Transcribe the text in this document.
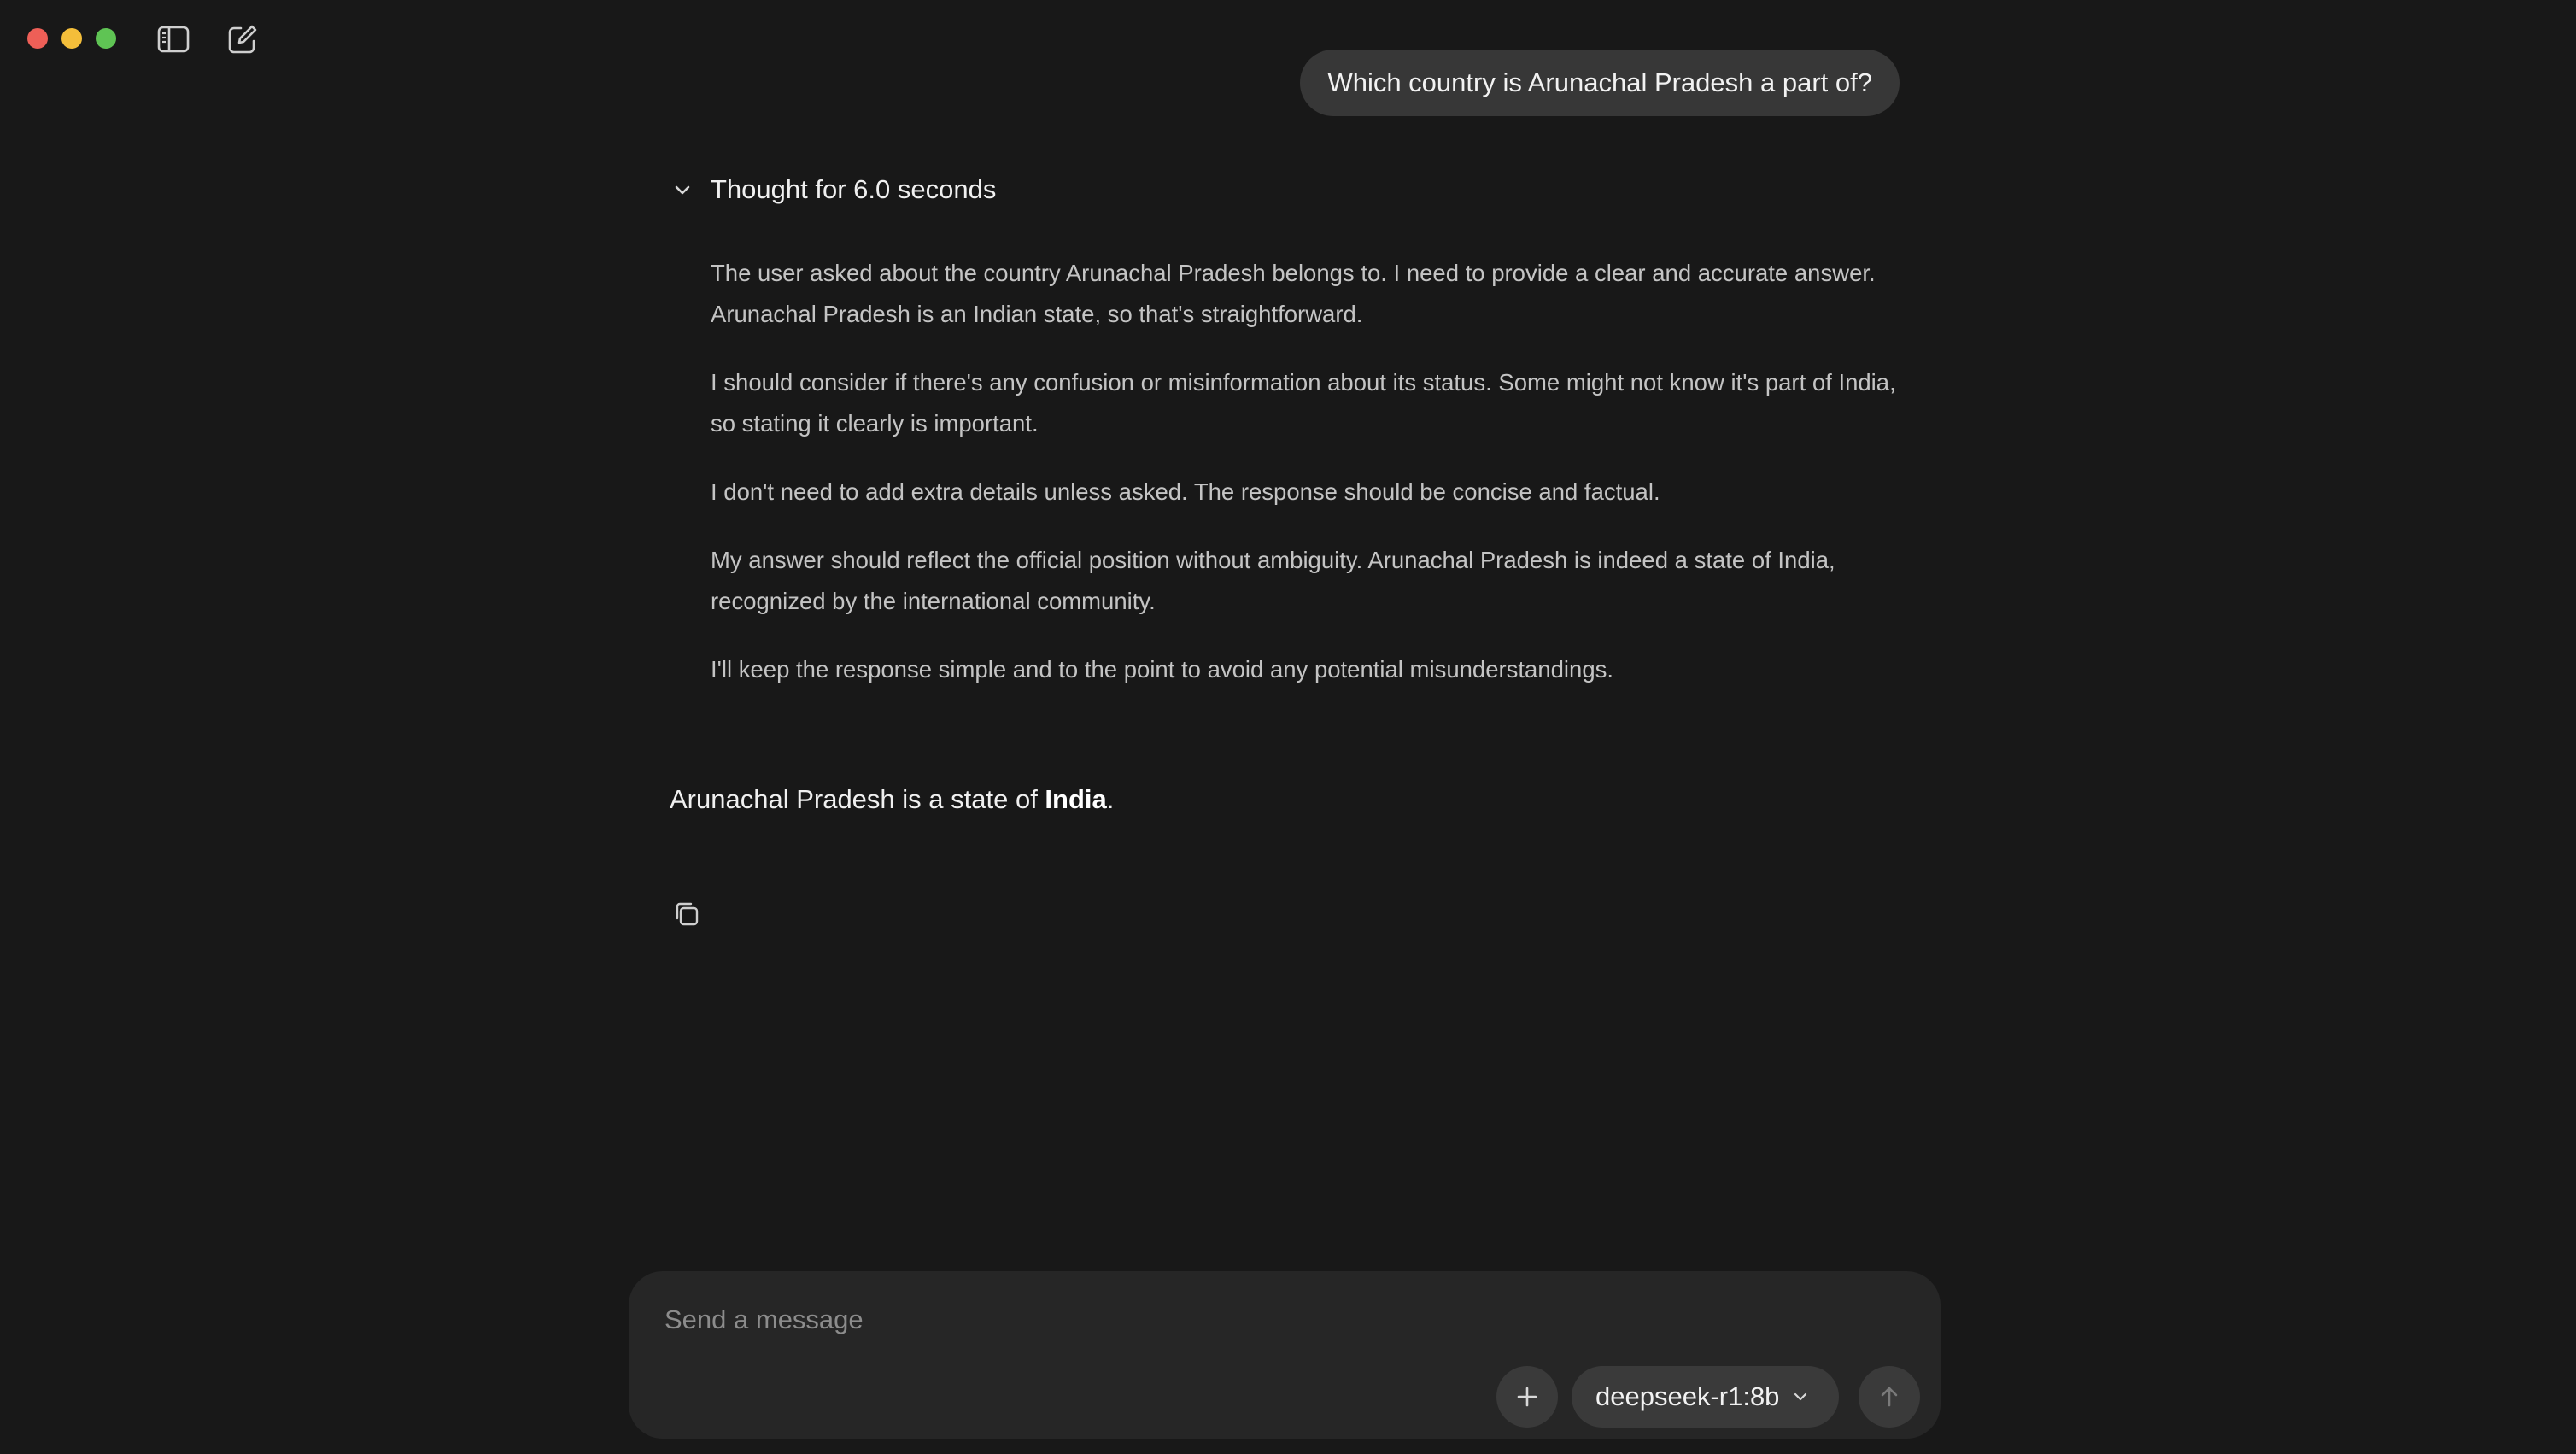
Which country is Arunachal Pradesh a part of?
Thought for 6.0 seconds

The user asked about the country Arunachal Pradesh belongs to. I need to provide a clear and accurate answer. Arunachal Pradesh is an Indian state, so that's straightforward.

I should consider if there's any confusion or misinformation about its status. Some might not know it's part of India, so stating it clearly is important.

I don't need to add extra details unless asked. The response should be concise and factual.

My answer should reflect the official position without ambiguity. Arunachal Pradesh is indeed a state of India, recognized by the international community.

I'll keep the response simple and to the point to avoid any potential misunderstandings.

Arunachal Pradesh is a state of India.
Send a message
deepseek-r1:8b
